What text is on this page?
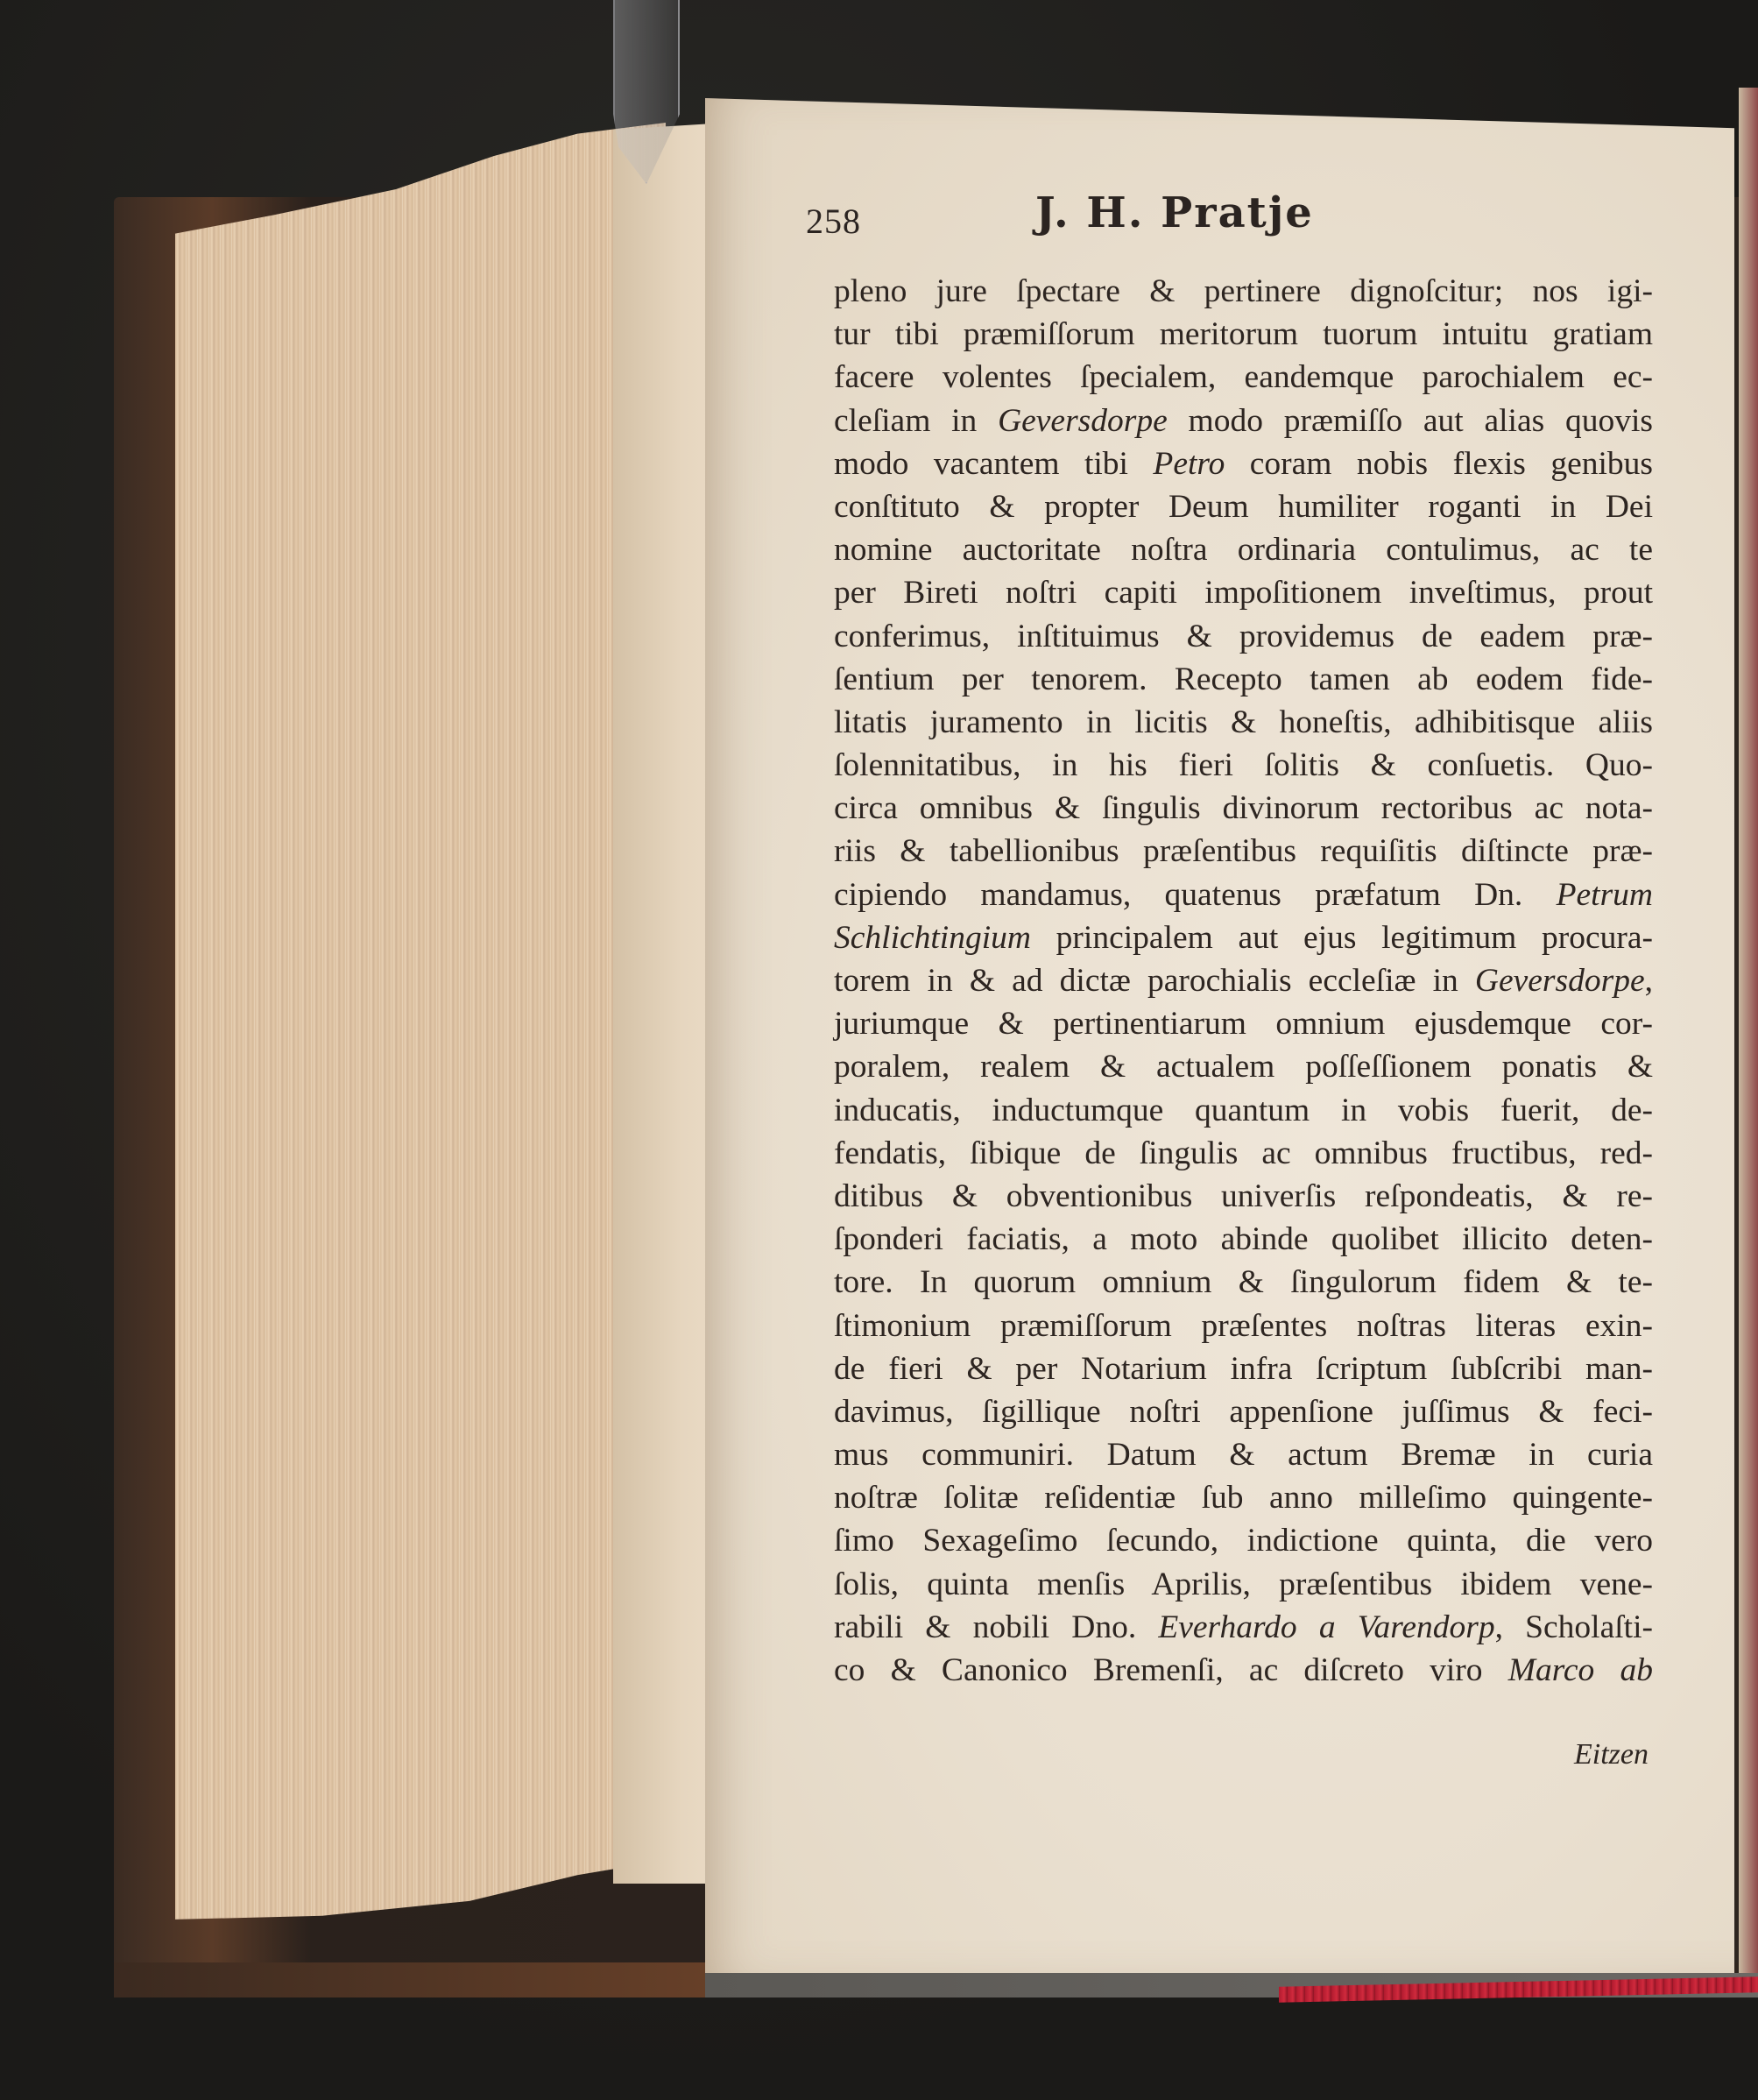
258	J. H. Pratje
pleno jure ſpectare & pertinere dignoſcitur; nos igi-
tur tibi præmiſſorum meritorum tuorum intuitu gratiam
facere volentes ſpecialem, eandemque parochialem ec-
cleſiam in Geversdorpe modo præmiſſo aut alias quovis
modo vacantem tibi Petro coram nobis flexis genibus
conſtituto & propter Deum humiliter roganti in Dei
nomine auctoritate noſtra ordinaria contulimus, ac te
per Bireti noſtri capiti impoſitionem inveſtimus, prout
conferimus, inſtituimus & providemus de eadem præ-
ſentium per tenorem. Recepto tamen ab eodem fide-
litatis juramento in licitis & honeſtis, adhibitisque aliis
ſolennitatibus, in his fieri ſolitis & conſuetis. Quo-
circa omnibus & ſingulis divinorum rectoribus ac nota-
riis & tabellionibus præſentibus requiſitis diſtincte præ-
cipiendo mandamus, quatenus præfatum Dn. Petrum
Schlichtingium principalem aut ejus legitimum procura-
torem in & ad dictæ parochialis eccleſiæ in Geversdorpe,
juriumque & pertinentiarum omnium ejusdemque cor-
poralem, realem & actualem poſſeſſionem ponatis &
inducatis, inductumque quantum in vobis fuerit, de-
fendatis, ſibique de ſingulis ac omnibus fructibus, red-
ditibus & obventionibus univerſis reſpondeatis, & re-
ſponderi faciatis, a moto abinde quolibet illicito deten-
tore. In quorum omnium & ſingulorum fidem & te-
ſtimonium præmiſſorum præſentes noſtras literas exin-
de fieri & per Notarium infra ſcriptum ſubſcribi man-
davimus, ſigillique noſtri appenſione juſſimus & feci-
mus communiri. Datum & actum Bremæ in curia
noſtræ ſolitæ reſidentiæ ſub anno milleſimo quingente-
ſimo Sexageſimo ſecundo, indictione quinta, die vero
ſolis, quinta menſis Aprilis, præſentibus ibidem vene-
rabili & nobili Dno. Everhardo a Varendorp, Scholaſti-
co & Canonico Bremenſi, ac diſcreto viro Marco ab
Eitzen
